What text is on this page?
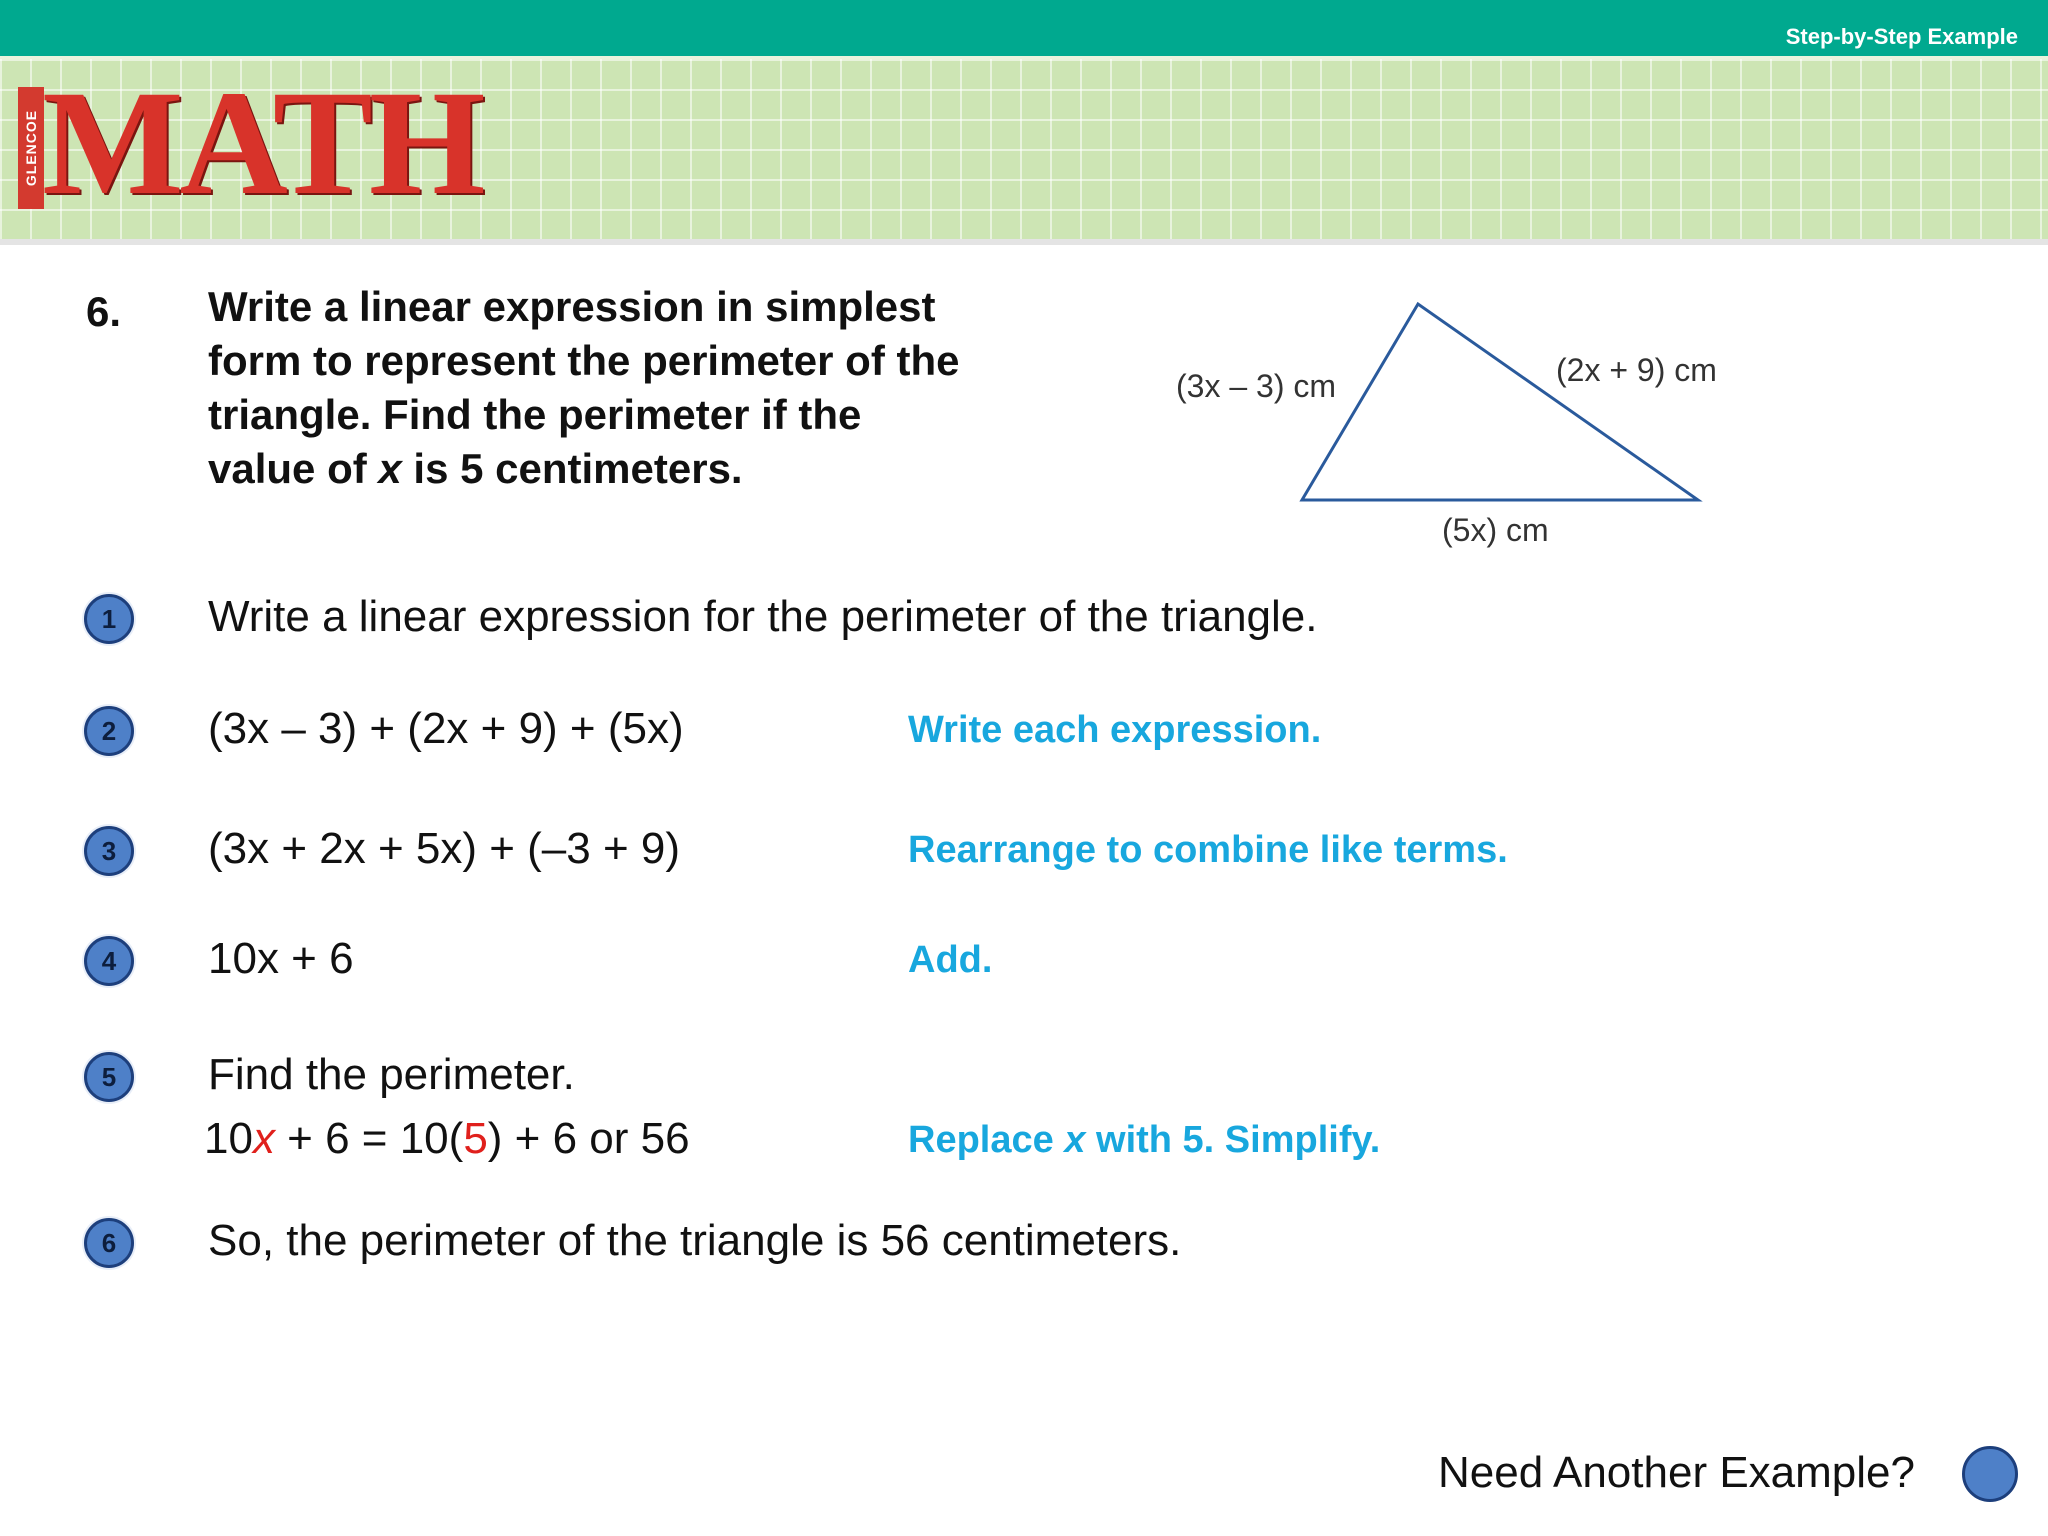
Step-by-Step Example
GLENCOE MATH
6. Write a linear expression in simplest
form to represent the perimeter of the
triangle. Find the perimeter if the
value of x is 5 centimeters.
(3x – 3) cm	(2x + 9) cm
(5x) cm
1	Write a linear expression for the perimeter of the triangle.
2	(3x – 3) + (2x + 9) + (5x)	Write each expression.
3	(3x + 2x + 5x) + (–3 + 9)	Rearrange to combine like terms.
4	10x + 6	Add.
5	Find the perimeter.
10x + 6 = 10(5) + 6 or 56	Replace x with 5. Simplify.
6	So, the perimeter of the triangle is 56 centimeters.
Need Another Example?
